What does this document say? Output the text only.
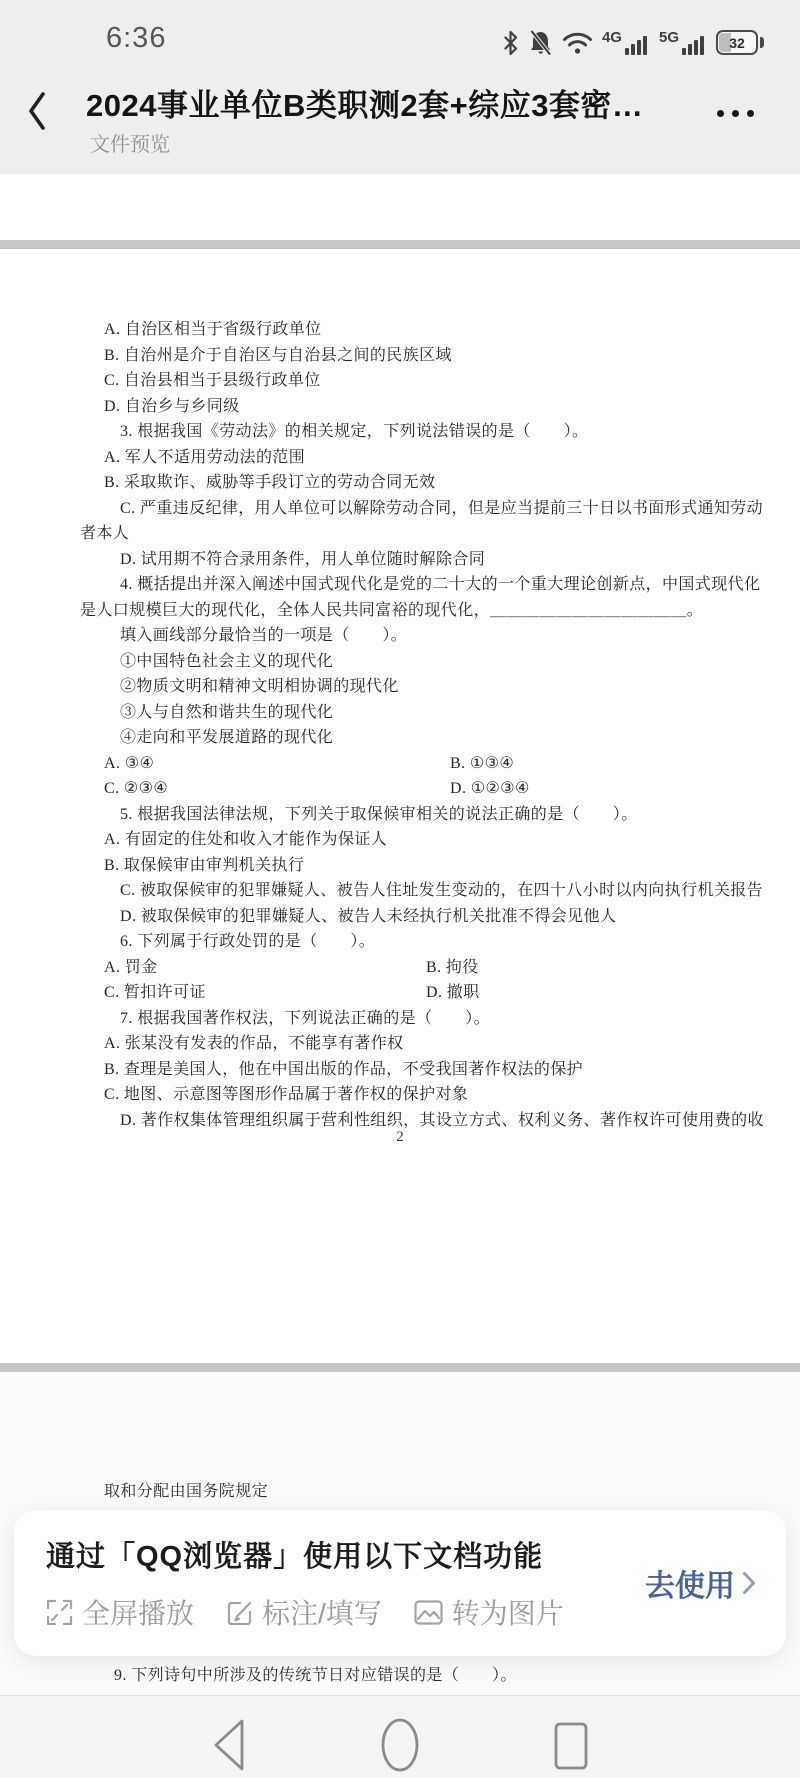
6:36	4G 5G	32
2024事业单位B类职测2套+综应3套密…
文件预览
A. 自治区相当于省级行政单位
B. 自治州是介于自治区与自治县之间的民族区域
C. 自治县相当于县级行政单位
D. 自治乡与乡同级
3. 根据我国《劳动法》的相关规定，下列说法错误的是（　　）。
A. 军人不适用劳动法的范围
B. 采取欺诈、威胁等手段订立的劳动合同无效
C. 严重违反纪律，用人单位可以解除劳动合同，但是应当提前三十日以书面形式通知劳动
者本人
D. 试用期不符合录用条件，用人单位随时解除合同
4. 概括提出并深入阐述中国式现代化是党的二十大的一个重大理论创新点，中国式现代化
是人口规模巨大的现代化，全体人民共同富裕的现代化，＿＿＿＿＿＿＿＿＿＿＿＿。
填入画线部分最恰当的一项是（　　）。
①中国特色社会主义的现代化
②物质文明和精神文明相协调的现代化
③人与自然和谐共生的现代化
④走向和平发展道路的现代化
A. ③④	B. ①③④
C. ②③④	D. ①②③④
5. 根据我国法律法规，下列关于取保候审相关的说法正确的是（　　）。
A. 有固定的住处和收入才能作为保证人
B. 取保候审由审判机关执行
C. 被取保候审的犯罪嫌疑人、被告人住址发生变动的，在四十八小时以内向执行机关报告
D. 被取保候审的犯罪嫌疑人、被告人未经执行机关批准不得会见他人
6. 下列属于行政处罚的是（　　）。
A. 罚金	B. 拘役
C. 暂扣许可证	D. 撤职
7. 根据我国著作权法，下列说法正确的是（　　）。
A. 张某没有发表的作品，不能享有著作权
B. 查理是美国人，他在中国出版的作品，不受我国著作权法的保护
C. 地图、示意图等图形作品属于著作权的保护对象
D. 著作权集体管理组织属于营利性组织，其设立方式、权利义务、著作权许可使用费的收
2
取和分配由国务院规定
通过「QQ浏览器」使用以下文档功能
全屏播放 标注/填写	转为图片
去使用
9. 下列诗句中所涉及的传统节日对应错误的是（　　）。
